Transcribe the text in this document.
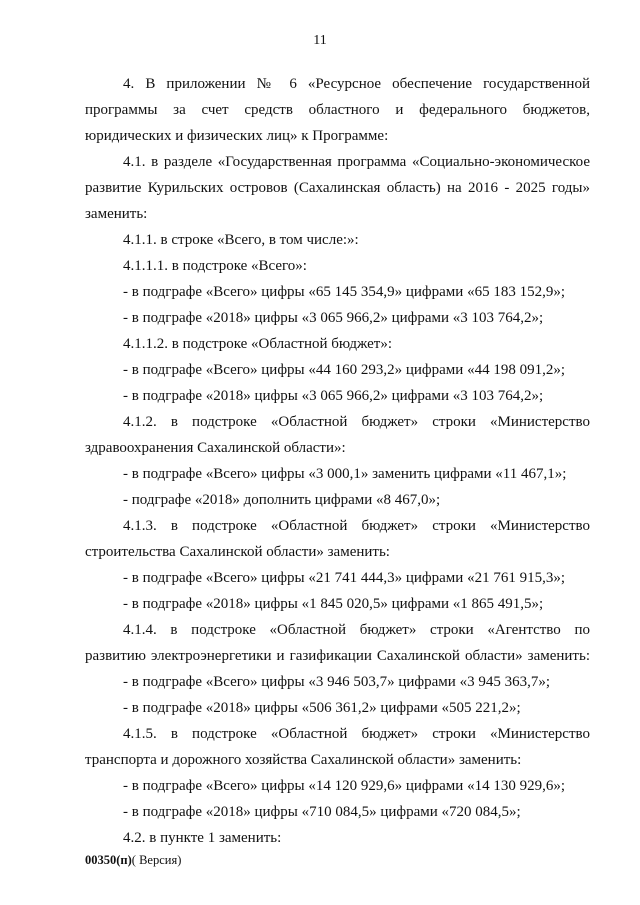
11
4. В приложении № 6 «Ресурсное обеспечение государственной
программы за счет средств областного и федерального бюджетов,
юридических и физических лиц» к Программе:
4.1. в разделе «Государственная программа «Социально-экономическое
развитие Курильских островов (Сахалинская область) на 2016 - 2025 годы»
заменить:
4.1.1. в строке «Всего, в том числе:»:
4.1.1.1. в подстроке «Всего»:
- в подграфе «Всего» цифры «65 145 354,9» цифрами «65 183 152,9»;
- в подграфе «2018» цифры «3 065 966,2» цифрами «3 103 764,2»;
4.1.1.2. в подстроке «Областной бюджет»:
- в подграфе «Всего» цифры «44 160 293,2» цифрами «44 198 091,2»;
- в подграфе «2018» цифры «3 065 966,2» цифрами «3 103 764,2»;
4.1.2. в подстроке «Областной бюджет» строки «Министерство
здравоохранения Сахалинской области»:
- в подграфе «Всего» цифры «3 000,1» заменить цифрами «11 467,1»;
- подграфе «2018» дополнить цифрами «8 467,0»;
4.1.3. в подстроке «Областной бюджет» строки «Министерство
строительства Сахалинской области» заменить:
- в подграфе «Всего» цифры «21 741 444,3» цифрами «21 761 915,3»;
- в подграфе «2018» цифры «1 845 020,5» цифрами «1 865 491,5»;
4.1.4. в подстроке «Областной бюджет» строки «Агентство по
развитию электроэнергетики и газификации Сахалинской области» заменить:
- в подграфе «Всего» цифры «3 946 503,7» цифрами «3 945 363,7»;
- в подграфе «2018» цифры «506 361,2» цифрами «505 221,2»;
4.1.5. в подстроке «Областной бюджет» строки «Министерство
транспорта и дорожного хозяйства Сахалинской области» заменить:
- в подграфе «Всего» цифры «14 120 929,6» цифрами «14 130 929,6»;
- в подграфе «2018» цифры «710 084,5» цифрами «720 084,5»;
4.2. в пункте 1 заменить:
00350(п)( Версия)
